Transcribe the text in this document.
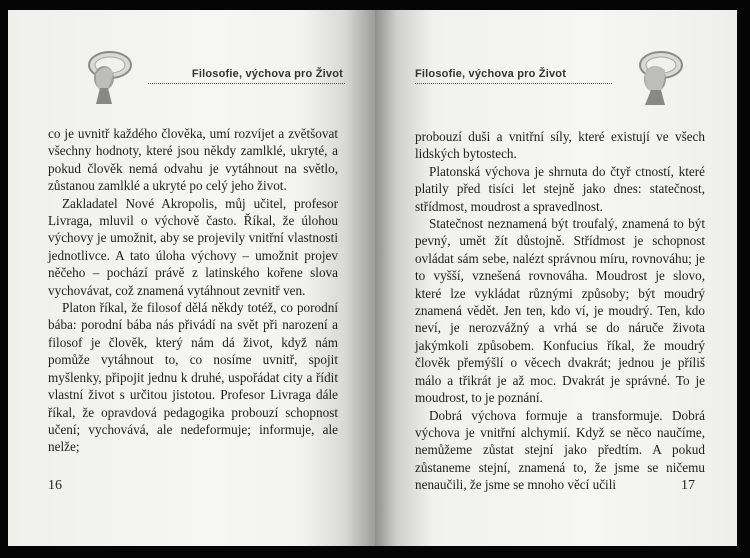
Filosofie, výchova pro Život

co je uvnitř každého člověka, umí rozvíjet a zvětšovat všechny hodnoty, které jsou někdy zamlklé, ukryté, a pokud člověk nemá odvahu je vytáhnout na světlo, zůstanou zamlklé a ukryté po celý jeho život.

Zakladatel Nové Akropolis, můj učitel, profesor Livraga, mluvil o výchově často. Říkal, že úlohou výchovy je umožnit, aby se projevily vnitřní vlastnosti jednotlivce. A tato úloha výchovy – umožnit projev něčeho – pochází právě z latinského kořene slova vychovávat, což znamená vytáhnout zevnitř ven.

Platon říkal, že filosof dělá někdy totéž, co porodní bába: porodní bába nás přivádí na svět při narození a filosof je člověk, který nám dá život, když nám pomůže vytáhnout to, co nosíme uvnitř, spojit myšlenky, připojit jednu k druhé, uspořádat city a řídit vlastní život s určitou jistotou. Profesor Livraga dále říkal, že opravdová pedagogika probouzí schopnost učení; vychovává, ale nedeformuje; informuje, ale nelže;

16
Filosofie, výchova pro Život

probouzí duši a vnitřní síly, které existují ve všech lidských bytostech.

Platonská výchova je shrnuta do čtyř ctností, které platily před tisíci let stejně jako dnes: statečnost, střídmost, moudrost a spravedlnost.

Statečnost neznamená být troufalý, znamená to být pevný, umět žít důstojně. Střídmost je schopnost ovládat sám sebe, nalézt správnou míru, rovnováhu; je to vyšší, vznešená rovnováha. Moudrost je slovo, které lze vykládat různými způsoby; být moudrý znamená vědět. Jen ten, kdo ví, je moudrý. Ten, kdo neví, je nerozvážný a vrhá se do náruče života jakýmkoli způsobem. Konfucius říkal, že moudrý člověk přemýšlí o věcech dvakrát; jednou je příliš málo a třikrát je až moc. Dvakrát je správné. To je moudrost, to je poznání.

Dobrá výchova formuje a transformuje. Dobrá výchova je vnitřní alchymií. Když se něco naučíme, nemůžeme zůstat stejní jako předtím. A pokud zůstaneme stejní, znamená to, že jsme se ničemu nenaučili, že jsme se mnoho věcí učili	17
